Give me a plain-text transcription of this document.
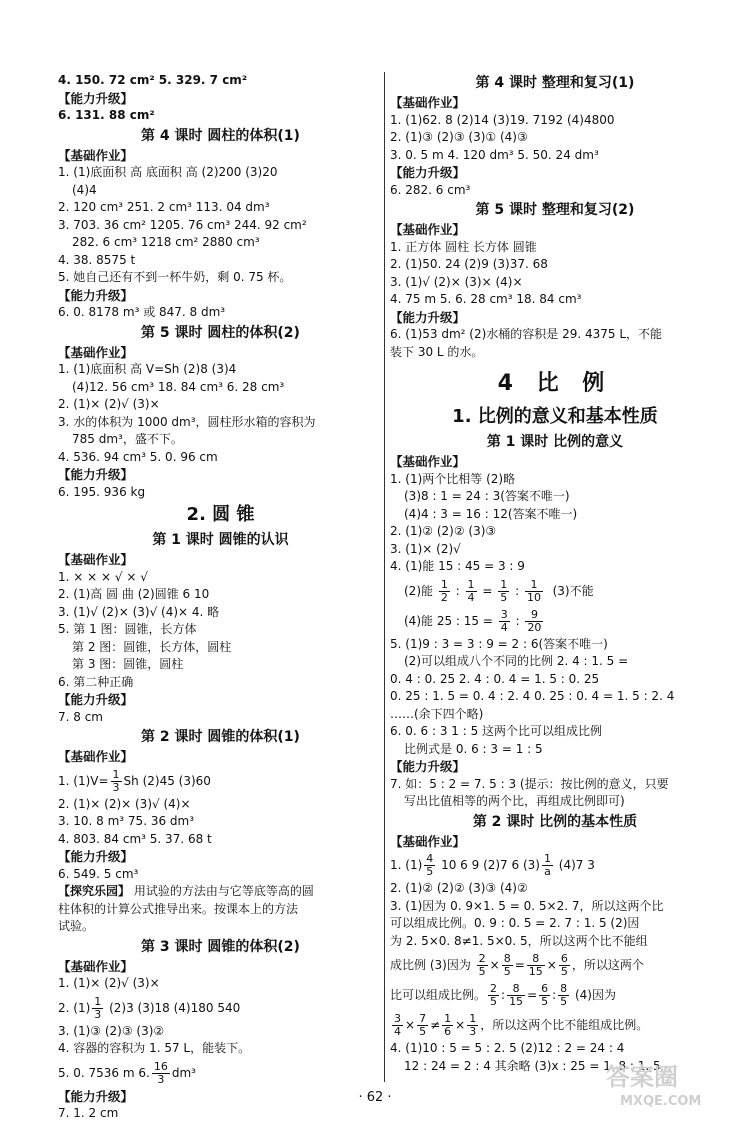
4. 150. 72 cm² 5. 329. 7 cm²
【能力升级】
6. 131. 88 cm²
第 4 课时 圆柱的体积(1)
【基础作业】
1. (1)底面积 高 底面积 高 (2)200 (3)20
(4)4
2. 120 cm³ 251. 2 cm³ 113. 04 dm³
3. 703. 36 cm² 1205. 76 cm³ 244. 92 cm²
282. 6 cm³ 1218 cm² 2880 cm³
4. 38. 8575 t
5. 她自己还有不到一杯牛奶，剩 0. 75 杯。
【能力升级】
6. 0. 8178 m³ 或 847. 8 dm³
第 5 课时 圆柱的体积(2)
【基础作业】
1. (1)底面积 高 V=Sh (2)8 (3)4
(4)12. 56 cm³ 18. 84 cm³ 6. 28 cm³
2. (1)× (2)√ (3)×
3. 水的体积为 1000 dm³，圆柱形水箱的容积为
785 dm³，盛不下。
4. 536. 94 cm³ 5. 0. 96 cm
【能力升级】
6. 195. 936 kg
2. 圆 锥
第 1 课时 圆锥的认识
【基础作业】
1. × × × √ × √
2. (1)高 圆 曲 (2)圆锥 6 10
3. (1)√ (2)× (3)√ (4)× 4. 略
5. 第 1 图：圆锥，长方体
第 2 图：圆锥，长方体，圆柱
第 3 图：圆锥，圆柱
6. 第二种正确
【能力升级】
7. 8 cm
第 2 课时 圆锥的体积(1)
【基础作业】
1. $(1)V= \frac{1}{3}$ Sh (2)45 (3)60
2. (1)× (2)× (3)√ (4)×
3. 10. 8 m³ 75. 36 dm³
4. 803. 84 cm³ 5. 37. 68 t
【能力升级】
6. 549. 5 cm³
【探究乐园】 用试验的方法由与它等底等高的圆
柱体积的计算公式推导出来。按课本上的方法
试验。
第 3 课时 圆锥的体积(2)
【基础作业】
1. (1)× (2)√ (3)×
2. $(1) \frac{1}{3} (2)3$ (3)18 (4)180 540
3. (1)③ (2)③ (3)②
4. 容器的容积为 1. 57 L，能装下。
5. 0. 7536 m 6. $\frac{16}{3} dm^3$
【能力升级】
7. 1. 2 cm
第 4 课时 整理和复习(1)
【基础作业】
1. (1)62. 8 (2)14 (3)19. 7192 (4)4800
2. (1)③ (2)③ (3)① (4)③
3. 0. 5 m 4. 120 dm³ 5. 50. 24 dm³
【能力升级】
6. 282. 6 cm³
第 5 课时 整理和复习(2)
【基础作业】
1. 正方体 圆柱 长方体 圆锥
2. (1)50. 24 (2)9 (3)37. 68
3. (1)√ (2)× (3)× (4)×
4. 75 m 5. 6. 28 cm³ 18. 84 cm³
【能力升级】
6. (1)53 dm² (2)水桶的容积是 29. 4375 L，不能
装下 30 L 的水。
4 比 例
1. 比例的意义和基本性质
第 1 课时 比例的意义
【基础作业】
1. (1)两个比相等 (2)略
(3)8 : 1 = 24 : 3(答案不唯一)
(4)4 : 3 = 16 : 12(答案不唯一)
2. (1)② (2)② (3)③
3. (1)× (2)√
4. (1)能 15 : 45 = 3 : 9
(2)能 $\frac{1}{2}$ : $\frac{1}{4} = \frac{1}{5}$ : $\frac{1}{10} (3)$不能
(4)能 25 : $15 = \frac{3}{4}$ : $\frac{9}{20}$
5. (1)9 : 3 = 3 : 9 = 2 : 6(答案不唯一)
(2)可以组成八个不同的比例 2. 4 : 1. 5 =
0. 4 : 0. 25 2. 4 : 0. 4 = 1. 5 : 0. 25
0. 25 : 1. 5 = 0. 4 : 2. 4 0. 25 : 0. 4 = 1. 5 : 2. 4
……(余下四个略)
6. 0. 6 : 3 1 : 5 这两个比可以组成比例
比例式是 0. 6 : 3 = 1 : 5
【能力升级】
7. 如：5 : 2 = 7. 5 : 3 (提示：按比例的意义，只要
写出比值相等的两个比，再组成比例即可)
第 2 课时 比例的基本性质
【基础作业】
1. $(1) \frac{4}{5} 10$ 6 9 (2)7 6 $(3) \frac{1}{a} (4)7$ 3
2. (1)② (2)② (3)③ (4)②
3. (1)因为 0. 9×1. 5 = 0. 5×2. 7，所以这两个比
可以组成比例。0. 9 : 0. 5 = 2. 7 : 1. 5 (2)因
为 2. 5×0. 8≠1. 5×0. 5，所以这两个比不能组
成比例 (3)因为 $\frac{2}{5} \times \frac{8}{5} = \frac{8}{15} \times \frac{6}{5}$ ，所以这两个
比可以组成比例。 $\frac{2}{5}$ : $\frac{8}{15} = \frac{6}{5}$ : $\frac{8}{5} (4)$因为
$\frac{3}{4} \times \frac{7}{5} \ne \frac{1}{6} \times \frac{1}{3}$ ，所以这两个比不能组成比例。
4. (1)10 : 5 = 5 : 2. 5 (2)12 : 2 = 24 : 4
12 : 24 = 2 : 4 其余略 (3)x : 25 = 1. 8 : 1. 5
· 62 ·
答案圈
MXQE.COM
